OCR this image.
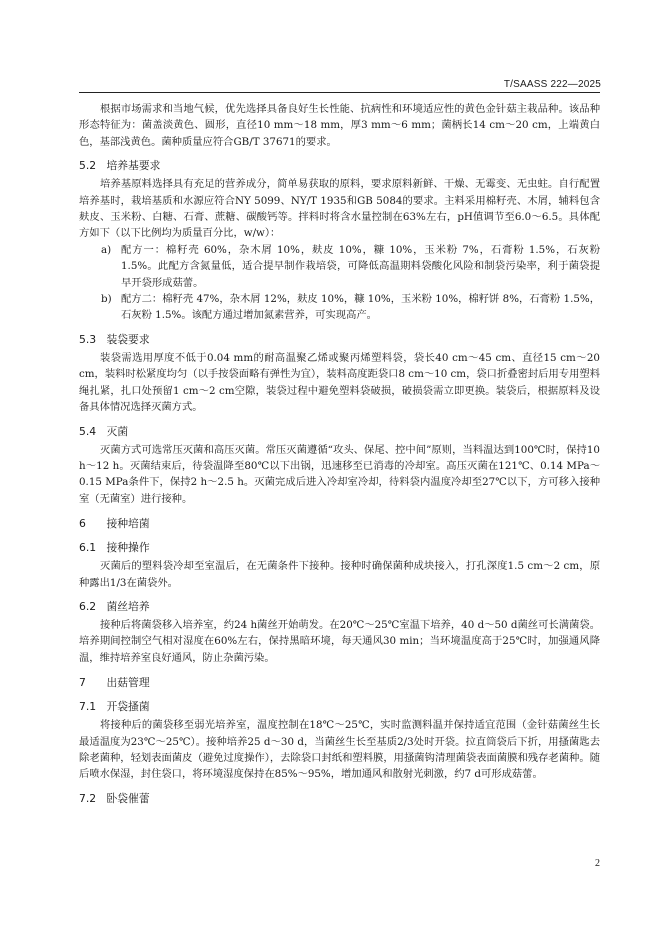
T/SAASS 222—2025

根据市场需求和当地气候，优先选择具备良好生长性能、抗病性和环境适应性的黄色金针菇主栽品种。该品种形态特征为：菌盖淡黄色、圆形，直径10 mm～18 mm，厚3 mm～6 mm；菌柄长14 cm～20 cm，上端黄白色，基部浅黄色。菌种质量应符合GB/T 37671的要求。

5.2 培养基要求

培养基原料选择具有充足的营养成分，简单易获取的原料，要求原料新鲜、干燥、无霉变、无虫蛀。自行配置培养基时，栽培基质和水源应符合NY 5099、NY/T 1935和GB 5084的要求。主料采用棉籽壳、木屑，辅料包含麸皮、玉米粉、白糖、石膏、蔗糖、碳酸钙等。拌料时将含水量控制在63%左右，pH值调节至6.0～6.5。具体配方如下（以下比例均为质量百分比，w/w）：

a) 配方一：棉籽壳 60%，杂木屑 10%，麸皮 10%，糠 10%，玉米粉 7%，石膏粉 1.5%，石灰粉 1.5%。此配方含氮量低，适合提早制作栽培袋，可降低高温期料袋酸化风险和制袋污染率，利于菌袋提早开袋形成菇蕾。
b) 配方二：棉籽壳 47%，杂木屑 12%，麸皮 10%，糠 10%，玉米粉 10%，棉籽饼 8%，石膏粉 1.5%，石灰粉 1.5%。该配方通过增加氮素营养，可实现高产。
5.3 装袋要求

装袋需选用厚度不低于0.04 mm的耐高温聚乙烯或聚丙烯塑料袋，袋长40 cm～45 cm、直径15 cm～20 cm，装料时松紧度均匀（以手按袋面略有弹性为宜），装料高度距袋口8 cm～10 cm，袋口折叠密封后用专用塑料绳扎紧，扎口处预留1 cm～2 cm空隙，装袋过程中避免塑料袋破损，破损袋需立即更换。装袋后，根据原料及设备具体情况选择灭菌方式。

5.4 灭菌

灭菌方式可选常压灭菌和高压灭菌。常压灭菌遵循“攻头、保尾、控中间”原则，当料温达到100℃时，保持10 h～12 h。灭菌结束后，待袋温降至80℃以下出锅，迅速移至已消毒的冷却室。高压灭菌在121℃、0.14 MPa～0.15 MPa条件下，保持2 h～2.5 h。灭菌完成后进入冷却室冷却，待料袋内温度冷却至27℃以下，方可移入接种室（无菌室）进行接种。

6 接种培菌
6.1 接种操作

灭菌后的塑料袋冷却至室温后，在无菌条件下接种。接种时确保菌种成块接入，打孔深度1.5 cm～2 cm，原种露出1/3在菌袋外。

6.2 菌丝培养

接种后将菌袋移入培养室，约24 h菌丝开始萌发。在20℃～25℃室温下培养，40 d～50 d菌丝可长满菌袋。培养期间控制空气相对湿度在60%左右，保持黑暗环境，每天通风30 min；当环境温度高于25℃时，加强通风降温，维持培养室良好通风，防止杂菌污染。

7 出菇管理
7.1 开袋搔菌

将接种后的菌袋移至弱光培养室，温度控制在18℃～25℃，实时监测料温并保持适宜范围（金针菇菌丝生长最适温度为23℃～25℃）。接种培养25 d～30 d，当菌丝生长至基质2/3处时开袋。拉直筒袋后下折，用搔菌匙去除老菌种，轻划表面菌皮（避免过度操作），去除袋口封纸和塑料膜，用搔菌钩清理菌袋表面菌膜和残存老菌种。随后喷水保湿，封住袋口，将环境湿度保持在85%～95%，增加通风和散射光刺激，约7 d可形成菇蕾。

7.2 卧袋催蕾
2
